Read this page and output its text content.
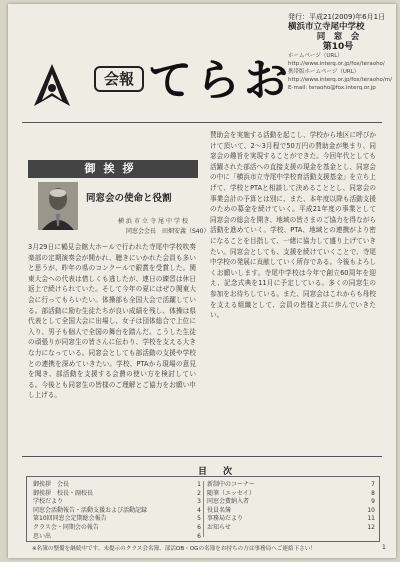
会報 てらお
発行：平成21(2009)年6月1日
横浜市立寺尾中学校
同　窓　会
第10号
ホームページ（URL）
http://www.interq.or.jp/fox/teraoho/
携帯版ホームページ（URL）
http://www.interq.or.jp/fox/teraoho/m/
E-mail: teraoho@fox.interq.or.jp
御挨拶
同窓会の使命と役割
横浜市立寺尾中学校
同窓会会長　田畑安義（S40）
3月29日に鶴見会館大ホールで行われた寺尾中学校吹奏楽部の定期演奏会が開かれ、聴きにいかれた会員も多いと思うが、昨年の県のコンクールで銀賞を受賞した。関東大会への代表は惜しくも逃したが、連日の練習は休日返上で続けられていた。そして今年の夏にはぜひ関東大会に行ってもらいたい。体操部も全国大会で活躍している。部活動に励む生徒たちが良い成績を残し、体操は県代表として全国大会に出場し、女子は団体総合で上位に入り、男子も個人で全国の舞台を踏んだ。こうした生徒の頑張りが同窓生の皆さんに伝わり、学校を支える大きな力になっている。同窓会としても部活動の支援や学校との連携を深めていきたい。学校、PTAから現場の意見を聞き、部活動を支援する会費の使い方を検討している。今後とも同窓生の皆様のご理解とご協力をお願い申し上げる。
賛助会を実施する活動を起こし、学校から地区に呼びかけて頂いて、2～3月程で50万円の賛助金が集まり、同窓会の趣旨を実現することができた。今回年代としても活躍された部活への直接支援の現金を基金とし、同窓会の中に「横浜市立寺尾中学校育活動支援基金」を立ち上げて、学校とPTAと相談して決めることとし、同窓会の事業会計の予算とは別に、また、本年度以降も活動支援のための募金を続けていく。平成21年度の事業として同窓会の総会を開き、地域の皆さまのご協力を得ながら活動を進めていく。学校、PTA、地域との連携がより密になることを目指して、一緒に協力して盛り上げていきたい。同窓会としても、支援を続けていくことで、寺尾中学校の発展に貢献していく所存である。今後もよろしくお願いします。寺尾中学校は今年で創立60周年を迎え、記念式典を11月に予定している。多くの同窓生の参加をお待ちしている。また、同窓会はこれからも母校を支える組織として、会員の皆様と共に歩んでいきたい。
目次
御挨拶　会長	1
御挨拶　校長・副校長	2
学校だより	3
同窓会活動報告・活動支援および活動記録	4
第10回同窓会定期総会報告	5
クラス会・同期会の報告	6
思い出	6
新制中のコーナー	7
随筆（エッセイ）	8
同窓会費納入者	9
役員名簿	10
事務局だより	11
お知らせ	12
※名簿の整備を継続中です。未提示のクラス会名簿、部活OB・OGの名簿をお持ちの方は事務局へご連絡下さい！	1
